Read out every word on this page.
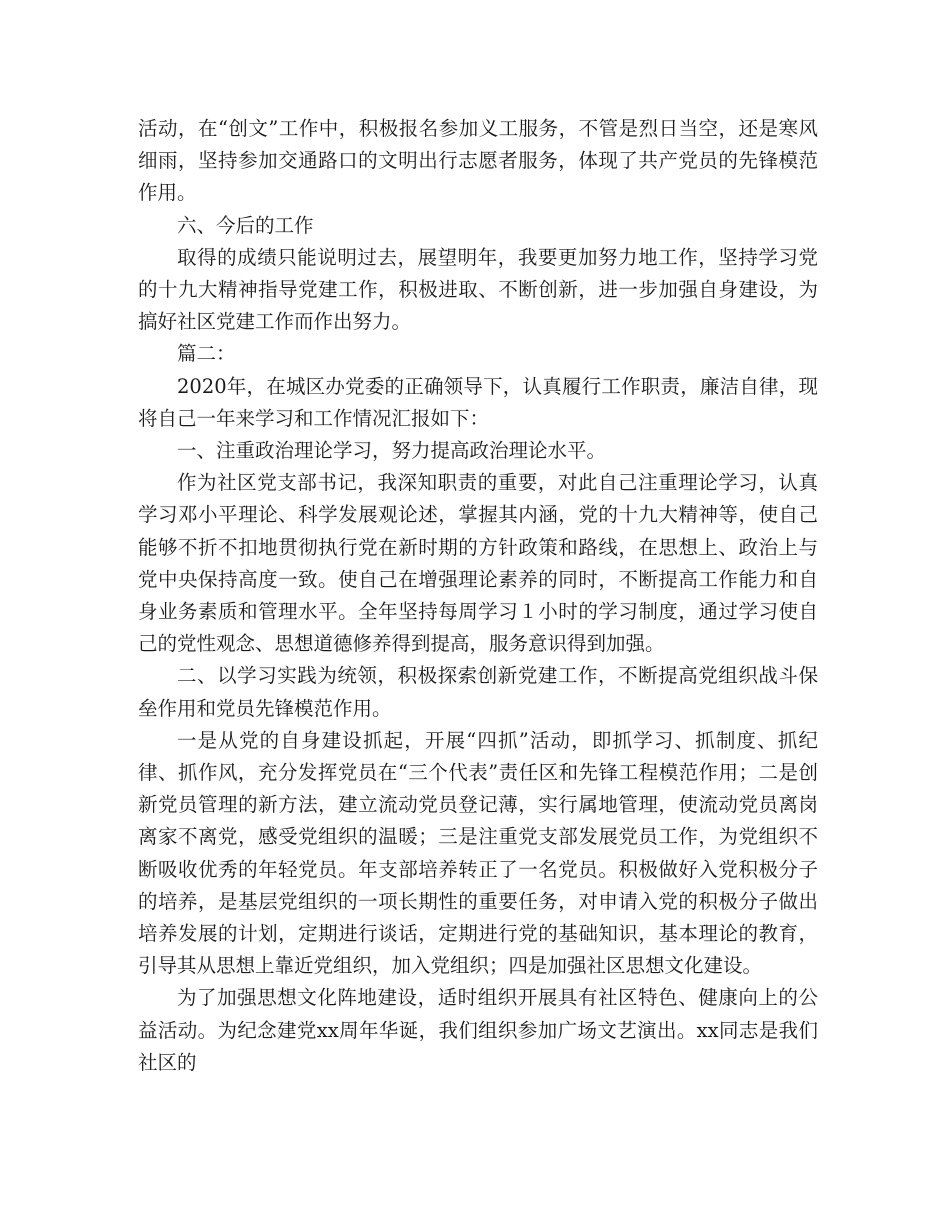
活动，在“创文”工作中，积极报名参加义工服务，不管是烈日当空，还是寒风细雨，坚持参加交通路口的文明出行志愿者服务，体现了共产党员的先锋模范作用。

六、今后的工作

取得的成绩只能说明过去，展望明年，我要更加努力地工作，坚持学习党的十九大精神指导党建工作，积极进取、不断创新，进一步加强自身建设，为搞好社区党建工作而作出努力。

篇二：

2020年，在城区办党委的正确领导下，认真履行工作职责，廉洁自律，现将自己一年来学习和工作情况汇报如下：

一、注重政治理论学习，努力提高政治理论水平。

作为社区党支部书记，我深知职责的重要，对此自己注重理论学习，认真学习邓小平理论、科学发展观论述，掌握其内涵，党的十九大精神等，使自己能够不折不扣地贯彻执行党在新时期的方针政策和路线，在思想上、政治上与党中央保持高度一致。使自己在增强理论素养的同时，不断提高工作能力和自身业务素质和管理水平。全年坚持每周学习１小时的学习制度，通过学习使自己的党性观念、思想道德修养得到提高，服务意识得到加强。

二、以学习实践为统领，积极探索创新党建工作，不断提高党组织战斗保垒作用和党员先锋模范作用。

一是从党的自身建设抓起，开展“四抓”活动，即抓学习、抓制度、抓纪律、抓作风，充分发挥党员在“三个代表”责任区和先锋工程模范作用；二是创新党员管理的新方法，建立流动党员登记薄，实行属地管理，使流动党员离岗离家不离党，感受党组织的温暖；三是注重党支部发展党员工作，为党组织不断吸收优秀的年轻党员。年支部培养转正了一名党员。积极做好入党积极分子的培养，是基层党组织的一项长期性的重要任务，对申请入党的积极分子做出培养发展的计划，定期进行谈话，定期进行党的基础知识，基本理论的教育，引导其从思想上靠近党组织，加入党组织；四是加强社区思想文化建设。

为了加强思想文化阵地建设，适时组织开展具有社区特色、健康向上的公益活动。为纪念建党xx周年华诞，我们组织参加广场文艺演出。xx同志是我们社区的
